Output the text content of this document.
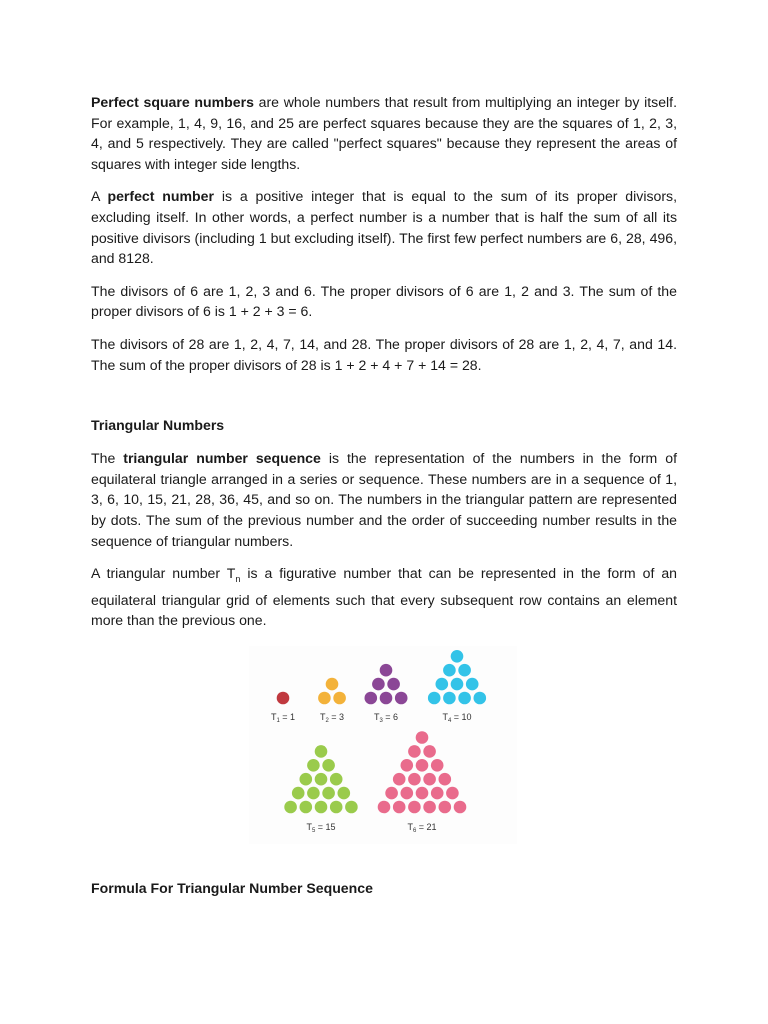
Perfect square numbers are whole numbers that result from multiplying an integer by itself. For example, 1, 4, 9, 16, and 25 are perfect squares because they are the squares of 1, 2, 3, 4, and 5 respectively. They are called "perfect squares" because they represent the areas of squares with integer side lengths.

A perfect number is a positive integer that is equal to the sum of its proper divisors, excluding itself. In other words, a perfect number is a number that is half the sum of all its positive divisors (including 1 but excluding itself). The first few perfect numbers are 6, 28, 496, and 8128.

The divisors of 6 are 1, 2, 3 and 6. The proper divisors of 6 are 1, 2 and 3. The sum of the proper divisors of 6 is 1 + 2 + 3 = 6.

The divisors of 28 are 1, 2, 4, 7, 14, and 28. The proper divisors of 28 are 1, 2, 4, 7, and 14. The sum of the proper divisors of 28 is 1 + 2 + 4 + 7 + 14 = 28.

Triangular Numbers

The triangular number sequence is the representation of the numbers in the form of equilateral triangle arranged in a series or sequence. These numbers are in a sequence of 1, 3, 6, 10, 15, 21, 28, 36, 45, and so on. The numbers in the triangular pattern are represented by dots. The sum of the previous number and the order of succeeding number results in the sequence of triangular numbers.

A triangular number $T_n$ is a figurative number that can be represented in the form of an equilateral triangular grid of elements such that every subsequent row contains an element more than the previous one.

$T_1 = 1$	$T_2 = 3$	$T_3 = 6$	$T_4 = 10$
$T_5 = 15$	$T_6 = 21$
Formula For Triangular Number Sequence
